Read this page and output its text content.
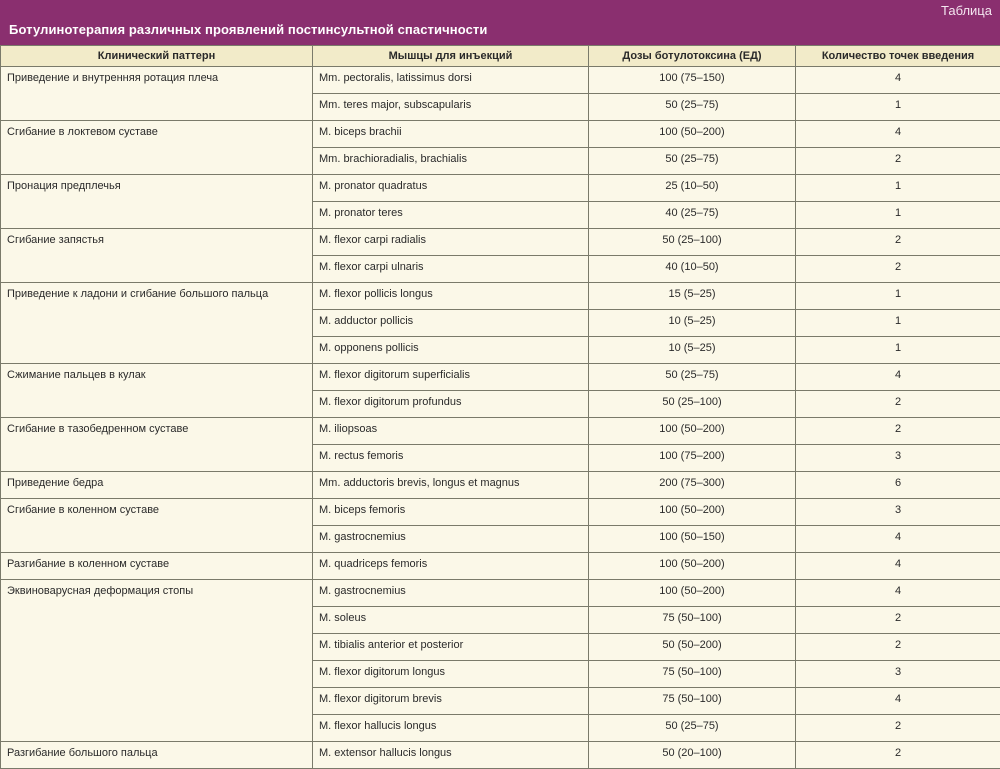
Таблица
Ботулинотерапия различных проявлений постинсультной спастичности
Клинический паттерн	Мышцы для инъекций	Дозы ботулотоксина (ЕД)	Количество точек введения
Приведение и внутренняя ротация плеча	Mm. pectoralis, latissimus dorsi	100 (75–150)	4
	Mm. teres major, subscapularis	50 (25–75)	1
Сгибание в локтевом суставе	M. biceps brachii	100 (50–200)	4
	Mm. brachioradialis, brachialis	50 (25–75)	2
Пронация предплечья	M. pronator quadratus	25 (10–50)	1
	M. pronator teres	40 (25–75)	1
Сгибание запястья	M. flexor carpi radialis	50 (25–100)	2
	M. flexor carpi ulnaris	40 (10–50)	2
Приведение к ладони и сгибание большого пальца	M. flexor pollicis longus	15 (5–25)	1
	M. adductor pollicis	10 (5–25)	1
	M. opponens pollicis	10 (5–25)	1
Сжимание пальцев в кулак	M. flexor digitorum superficialis	50 (25–75)	4
	M. flexor digitorum profundus	50 (25–100)	2
Сгибание в тазобедренном суставе	M. iliopsoas	100 (50–200)	2
	M. rectus femoris	100 (75–200)	3
Приведение бедра	Mm. adductoris brevis, longus et magnus	200 (75–300)	6
Сгибание в коленном суставе	M. biceps femoris	100 (50–200)	3
	M. gastrocnemius	100 (50–150)	4
Разгибание в коленном суставе	M. quadriceps femoris	100 (50–200)	4
Эквиноварусная деформация стопы	M. gastrocnemius	100 (50–200)	4
	M. soleus	75 (50–100)	2
	M. tibialis anterior et posterior	50 (50–200)	2
	M. flexor digitorum longus	75 (50–100)	3
	M. flexor digitorum brevis	75 (50–100)	4
	M. flexor hallucis longus	50 (25–75)	2
Разгибание большого пальца	M. extensor hallucis longus	50 (20–100)	2
